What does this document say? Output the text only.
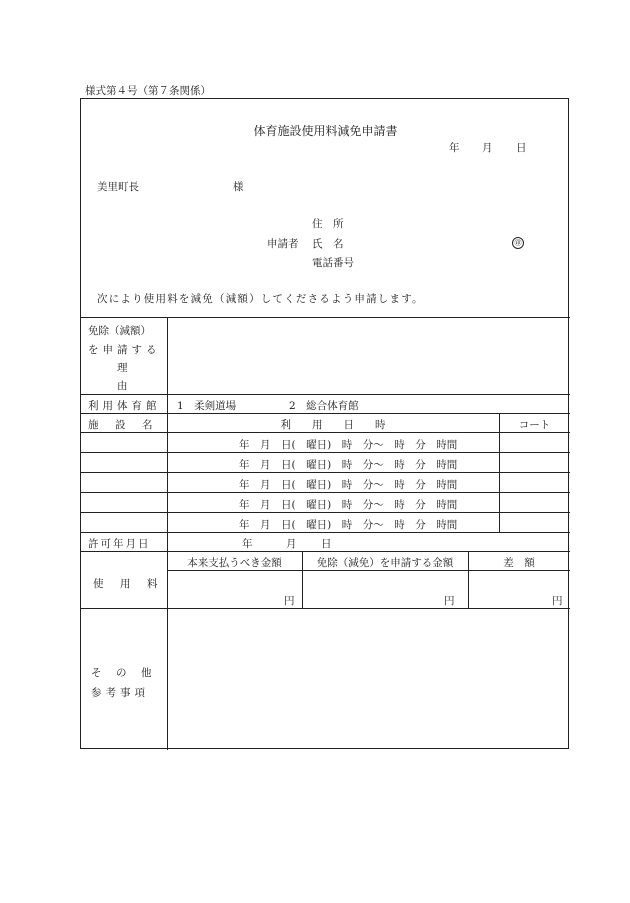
様式第４号（第７条関係）
体育施設使用料減免申請書
年 月 日
美里町長	様
住　所
申請者 氏　名	㊞
電話番号
次により使用料を減免（減額）してくださるよう申請します。
免除（減額）
を申請する
理
由
利用体育館 1　柔剣道場	2　総合体育館
施　設　名	利　　用　　日　　時	コート
年　月　日(　曜日)　時　分～　時　分　時間
年　月　日(　曜日)　時　分～　時　分　時間
年　月　日(　曜日)　時　分～　時　分　時間
年　月　日(　曜日)　時　分～　時　分　時間
年　月　日(　曜日)　時　分～　時　分　時間
許可年月日	年	月 日
使　用　料
本来支払うべき金額	免除（減免）を申請する金額	差　額
円	円	円
そ　の　他
参考事項
